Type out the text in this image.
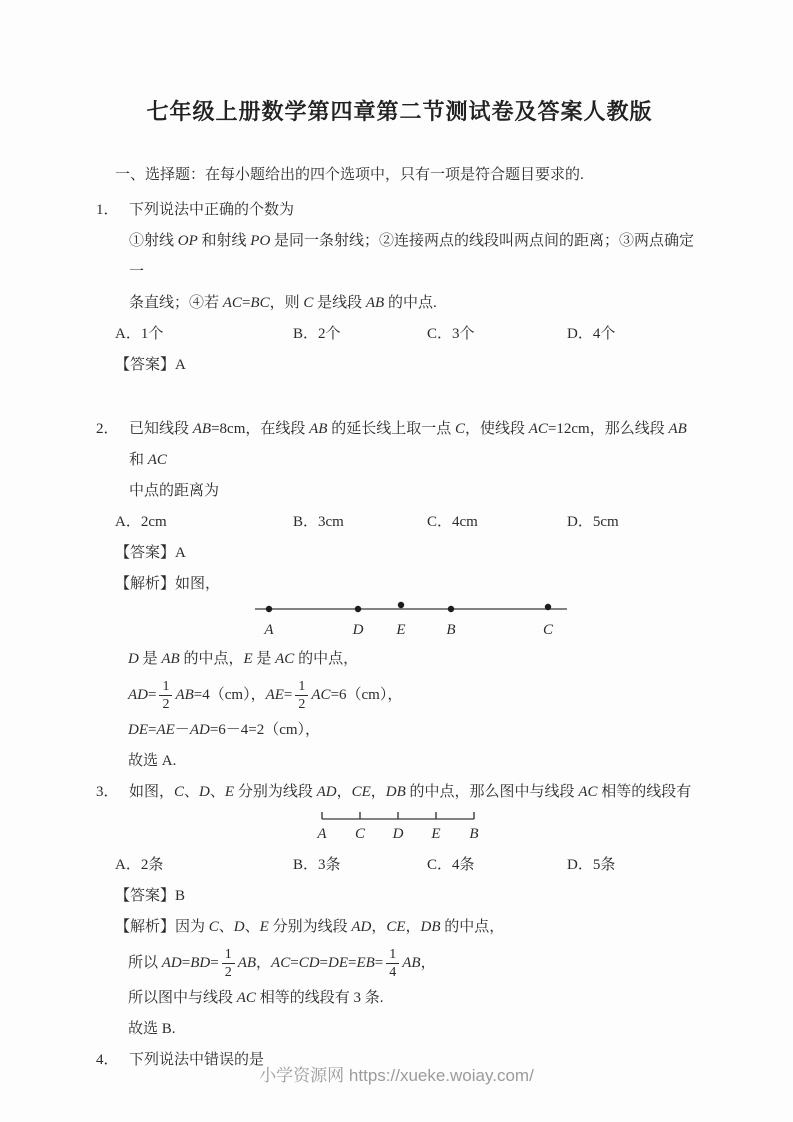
七年级上册数学第四章第二节测试卷及答案人教版

一、选择题：在每小题给出的四个选项中，只有一项是符合题目要求的.

1． 下列说法中正确的个数为

①射线 OP 和射线 PO 是同一条射线；②连接两点的线段叫两点间的距离；③两点确定一

条直线；④若 AC=BC，则 C 是线段 AB 的中点.

A．1个	B．2个	C．3个	D．4个

【答案】A

2． 已知线段 AB=8cm，在线段 AB 的延长线上取一点 C，使线段 AC=12cm，那么线段 AB 和 AC

中点的距离为

A．2cm	B．3cm	C．4cm	D．5cm

【答案】A

【解析】如图，

A	D E	B	C

D 是 AB 的中点，E 是 AC 的中点，

$AD= \frac{1}{2} AB=4(cm)$，$AE= \frac{1}{2} AC=6(cm)$，

DE=AE－AD=6－4=2（cm），

故选 A.

3． 如图，C、D、E 分别为线段 AD，CE，DB 的中点，那么图中与线段 AC 相等的线段有

A C D E B

A．2条	B．3条	C．4条	D．5条

【答案】B

【解析】因为 C、D、E 分别为线段 AD，CE，DB 的中点，

所以 $AD=BD= \frac{1}{2}$ AB，$AC=CD=DE=EB= \frac{1}{4}$ AB，

所以图中与线段 AC 相等的线段有 3 条.

故选 B.

4． 下列说法中错误的是

小学资源网 https://xueke.woiay.com/
